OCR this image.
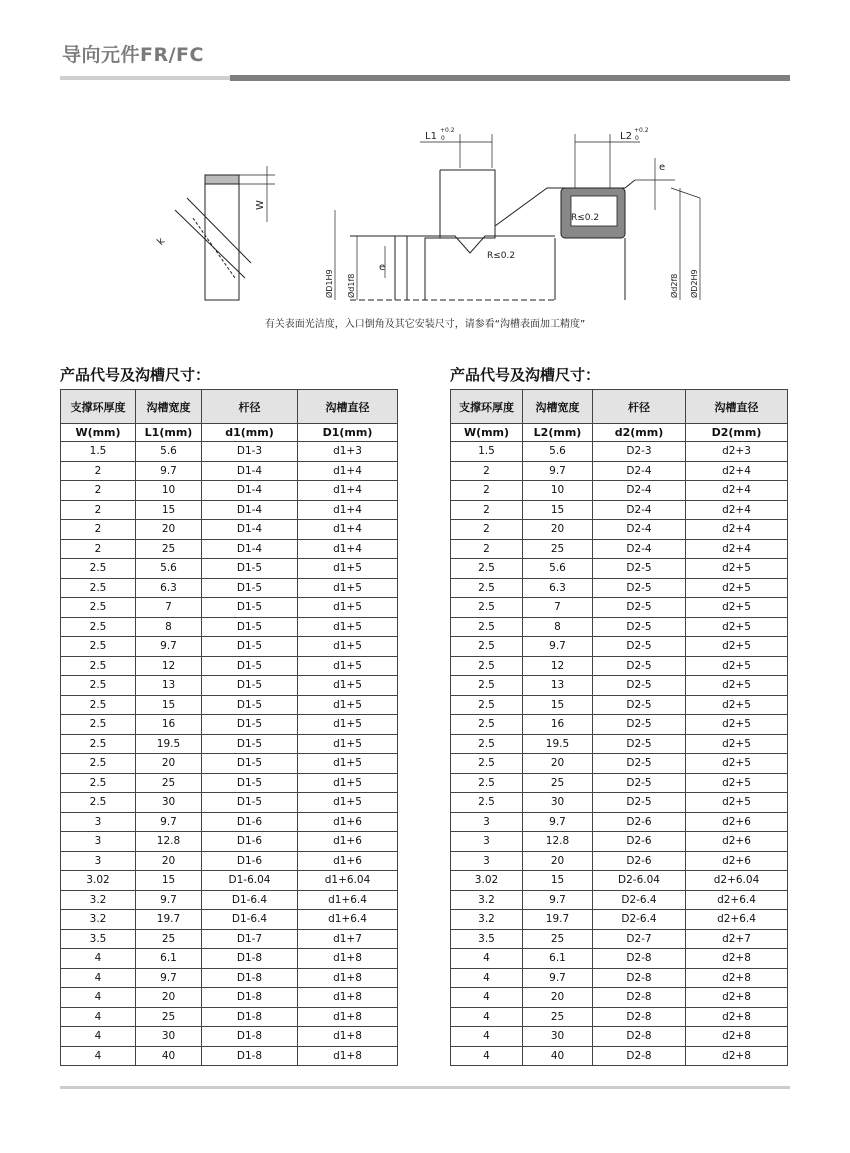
导向元件FR/FC
L1
+0.2
0	L2
+0.2
0
e
e
W
k
R≤0.2
R≤0.2
ØD1H9 Ød1f8	Ød2f8 ØD2H9
有关表面光洁度，入口倒角及其它安装尺寸，请参看“沟槽表面加工精度”
产品代号及沟槽尺寸：	产品代号及沟槽尺寸：
支撑环厚度	沟槽宽度	杆径	沟槽直径
W(mm)	L1(mm)	d1(mm)	D1(mm)
1.5	5.6	D1-3	d1+3
2	9.7	D1-4	d1+4
2	10	D1-4	d1+4
2	15	D1-4	d1+4
2	20	D1-4	d1+4
2	25	D1-4	d1+4
2.5	5.6	D1-5	d1+5
2.5	6.3	D1-5	d1+5
2.5	7	D1-5	d1+5
2.5	8	D1-5	d1+5
2.5	9.7	D1-5	d1+5
2.5	12	D1-5	d1+5
2.5	13	D1-5	d1+5
2.5	15	D1-5	d1+5
2.5	16	D1-5	d1+5
2.5	19.5	D1-5	d1+5
2.5	20	D1-5	d1+5
2.5	25	D1-5	d1+5
2.5	30	D1-5	d1+5
3	9.7	D1-6	d1+6
3	12.8	D1-6	d1+6
3	20	D1-6	d1+6
3.02	15	D1-6.04	d1+6.04
3.2	9.7	D1-6.4	d1+6.4
3.2	19.7	D1-6.4	d1+6.4
3.5	25	D1-7	d1+7
4	6.1	D1-8	d1+8
4	9.7	D1-8	d1+8
4	20	D1-8	d1+8
4	25	D1-8	d1+8
4	30	D1-8	d1+8
4	40	D1-8	d1+8
支撑环厚度	沟槽宽度	杆径	沟槽直径
W(mm)	L2(mm)	d2(mm)	D2(mm)
1.5	5.6	D2-3	d2+3
2	9.7	D2-4	d2+4
2	10	D2-4	d2+4
2	15	D2-4	d2+4
2	20	D2-4	d2+4
2	25	D2-4	d2+4
2.5	5.6	D2-5	d2+5
2.5	6.3	D2-5	d2+5
2.5	7	D2-5	d2+5
2.5	8	D2-5	d2+5
2.5	9.7	D2-5	d2+5
2.5	12	D2-5	d2+5
2.5	13	D2-5	d2+5
2.5	15	D2-5	d2+5
2.5	16	D2-5	d2+5
2.5	19.5	D2-5	d2+5
2.5	20	D2-5	d2+5
2.5	25	D2-5	d2+5
2.5	30	D2-5	d2+5
3	9.7	D2-6	d2+6
3	12.8	D2-6	d2+6
3	20	D2-6	d2+6
3.02	15	D2-6.04	d2+6.04
3.2	9.7	D2-6.4	d2+6.4
3.2	19.7	D2-6.4	d2+6.4
3.5	25	D2-7	d2+7
4	6.1	D2-8	d2+8
4	9.7	D2-8	d2+8
4	20	D2-8	d2+8
4	25	D2-8	d2+8
4	30	D2-8	d2+8
4	40	D2-8	d2+8
